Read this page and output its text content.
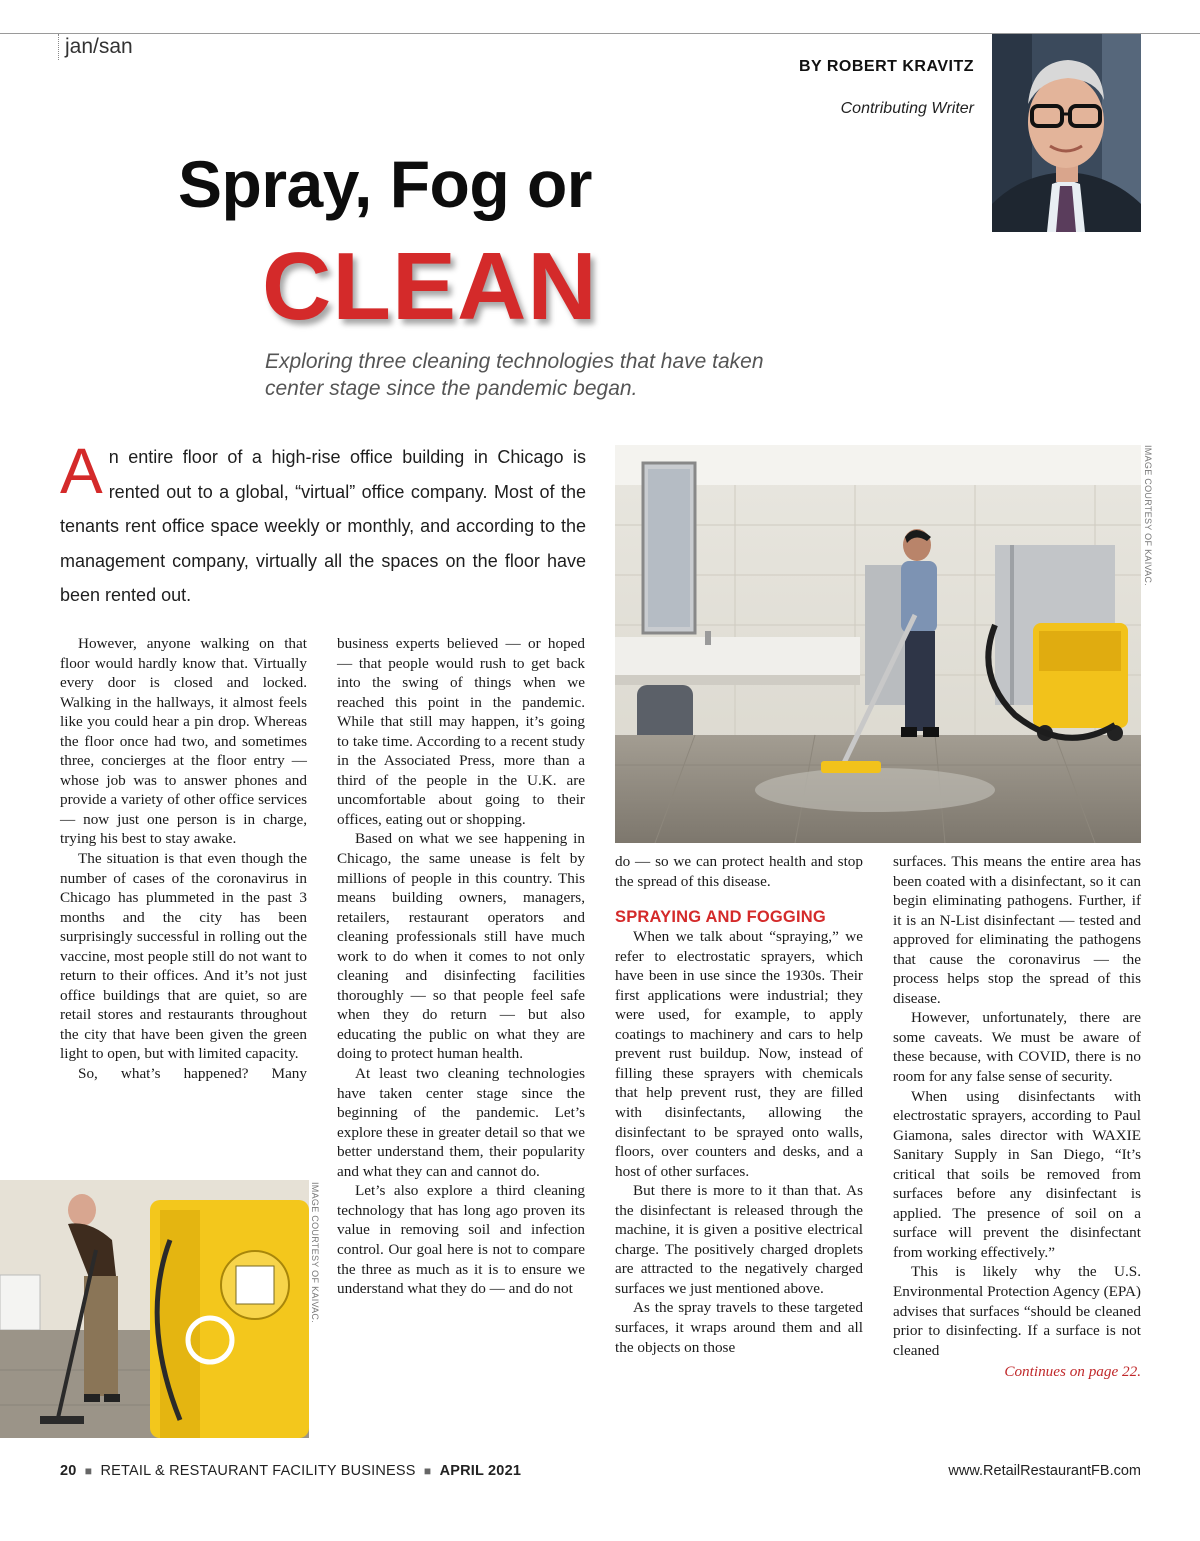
jan/san
BY ROBERT KRAVITZ
Contributing Writer
Spray, Fog or
CLEAN
Exploring three cleaning technologies that have taken center stage since the pandemic began.
An entire floor of a high-rise office building in Chicago is rented out to a global, “virtual” office company. Most of the tenants rent office space weekly or monthly, and according to the management company, virtually all the spaces on the floor have been rented out.
IMAGE COURTESY OF KAIVAC.
IMAGE COURTESY OF KAIVAC.

However, anyone walking on that floor would hardly know that. Virtually every door is closed and locked. Walking in the hallways, it almost feels like you could hear a pin drop. Whereas the floor once had two, and sometimes three, concierges at the floor entry — whose job was to answer phones and provide a variety of other office services — now just one person is in charge, trying his best to stay awake.

The situation is that even though the number of cases of the coronavirus in Chicago has plummeted in the past 3 months and the city has been surprisingly successful in rolling out the vaccine, most people still do not want to return to their offices. And it’s not just office buildings that are quiet, so are retail stores and restaurants throughout the city that have been given the green light to open, but with limited capacity.

So, what’s happened? Many

business experts believed — or hoped — that people would rush to get back into the swing of things when we reached this point in the pandemic. While that still may happen, it’s going to take time. According to a recent study in the Associated Press, more than a third of the people in the U.K. are uncomfortable about going to their offices, eating out or shopping.

Based on what we see happening in Chicago, the same unease is felt by millions of people in this country. This means building owners, managers, retailers, restaurant operators and cleaning professionals still have much work to do when it comes to not only cleaning and disinfecting facilities thoroughly — so that people feel safe when they do return — but also educating the public on what they are doing to protect human health.

At least two cleaning technologies have taken center stage since the beginning of the pandemic. Let’s explore these in greater detail so that we better understand them, their popularity and what they can and cannot do.

Let’s also explore a third cleaning technology that has long ago proven its value in removing soil and infection control. Our goal here is not to compare the three as much as it is to ensure we understand what they do — and do not

do — so we can protect health and stop the spread of this disease.

SPRAYING AND FOGGING

When we talk about “spraying,” we refer to electrostatic sprayers, which have been in use since the 1930s. Their first applications were industrial; they were used, for example, to apply coatings to machinery and cars to help prevent rust buildup. Now, instead of filling these sprayers with chemicals that help prevent rust, they are filled with disinfectants, allowing the disinfectant to be sprayed onto walls, floors, over counters and desks, and a host of other surfaces.

But there is more to it than that. As the disinfectant is released through the machine, it is given a positive electrical charge. The positively charged droplets are attracted to the negatively charged surfaces we just mentioned above.

As the spray travels to these targeted surfaces, it wraps around them and all the objects on those

surfaces. This means the entire area has been coated with a disinfectant, so it can begin eliminating pathogens. Further, if it is an N-List disinfectant — tested and approved for eliminating the pathogens that cause the coronavirus — the process helps stop the spread of this disease.

However, unfortunately, there are some caveats. We must be aware of these because, with COVID, there is no room for any false sense of security.

When using disinfectants with electrostatic sprayers, according to Paul Giamona, sales director with WAXIE Sanitary Supply in San Diego, “It’s critical that soils be removed from surfaces before any disinfectant is applied. The presence of soil on a surface will prevent the disinfectant from working effectively.”

This is likely why the U.S. Environmental Protection Agency (EPA) advises that surfaces “should be cleaned prior to disinfecting. If a surface is not cleaned

Continues on page 22.
20 ■ RETAIL & RESTAURANT FACILITY BUSINESS ■ APRIL 2021	www.RetailRestaurantFB.com
